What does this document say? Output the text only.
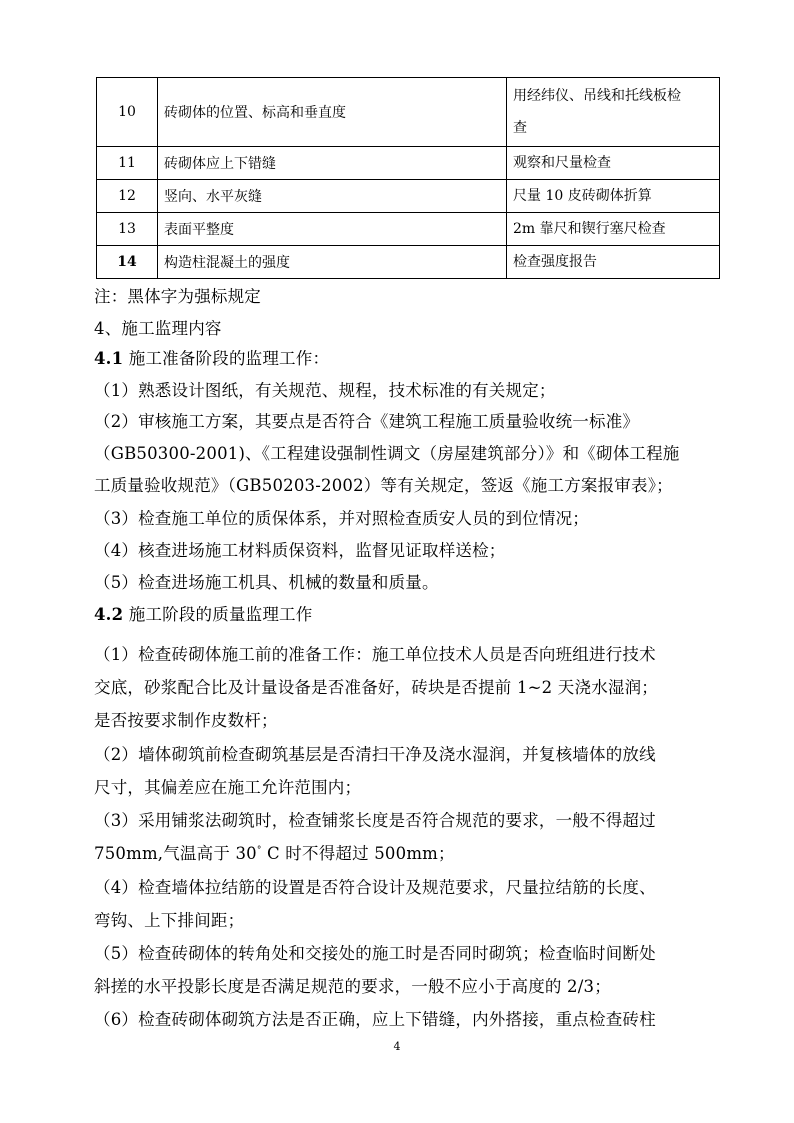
10	砖砌体的位置、标高和垂直度	用经纬仪、吊线和托线板检
查

11	砖砌体应上下错缝	观察和尺量检查
12	竖向、水平灰缝	尺量 10 皮砖砌体折算
13	表面平整度	2m 靠尺和锲行塞尺检查
14	构造柱混凝土的强度	检查强度报告
注：黑体字为强标规定
4、施工监理内容
4.1 施工准备阶段的监理工作：
（1）熟悉设计图纸，有关规范、规程，技术标准的有关规定；
（2）审核施工方案，其要点是否符合《建筑工程施工质量验收统一标准》
（GB50300-2001)、《工程建设强制性调文（房屋建筑部分）》和《砌体工程施
工质量验收规范》（GB50203-2002）等有关规定，签返《施工方案报审表》；
（3）检查施工单位的质保体系，并对照检查质安人员的到位情况；
（4）核查进场施工材料质保资料，监督见证取样送检；
（5）检查进场施工机具、机械的数量和质量。
4.2 施工阶段的质量监理工作
（1）检查砖砌体施工前的准备工作：施工单位技术人员是否向班组进行技术
交底，砂浆配合比及计量设备是否准备好，砖块是否提前 1~2 天浇水湿润；
是否按要求制作皮数杆；
（2）墙体砌筑前检查砌筑基层是否清扫干净及浇水湿润，并复核墙体的放线
尺寸，其偏差应在施工允许范围内；
（3）采用铺浆法砌筑时，检查铺浆长度是否符合规范的要求，一般不得超过
750mm,气温高于 30° C 时不得超过 500mm；
（4）检查墙体拉结筋的设置是否符合设计及规范要求，尺量拉结筋的长度、
弯钩、上下排间距；
（5）检查砖砌体的转角处和交接处的施工时是否同时砌筑；检查临时间断处
斜搓的水平投影长度是否满足规范的要求，一般不应小于高度的 2/3；
（6）检查砖砌体砌筑方法是否正确，应上下错缝，内外搭接，重点检查砖柱
4
